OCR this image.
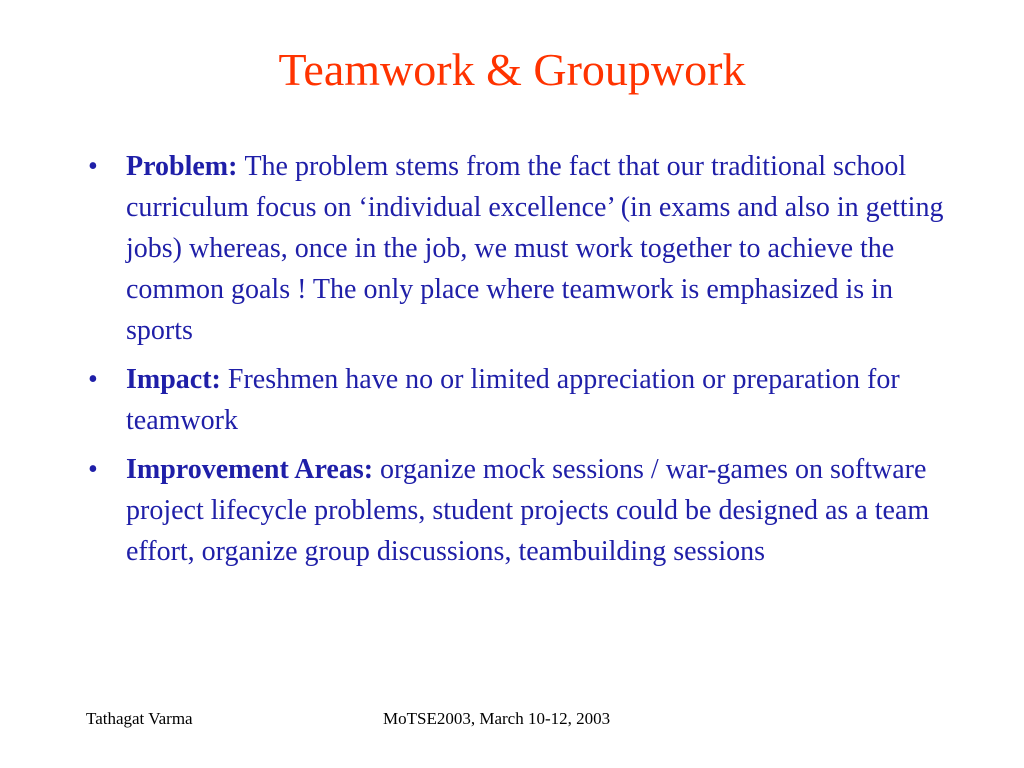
Teamwork & Groupwork
•	Problem: The problem stems from the fact that our traditional school curriculum focus on ‘individual excellence’ (in exams and also in getting jobs) whereas, once in the job, we must work together to achieve the common goals ! The only place where teamwork is emphasized is in sports
•	Impact: Freshmen have no or limited appreciation or preparation for teamwork
•	Improvement Areas: organize mock sessions / war-games on software project lifecycle problems, student projects could be designed as a team effort, organize group discussions, teambuilding sessions
Tathagat Varma	MoTSE2003, March 10-12, 2003
